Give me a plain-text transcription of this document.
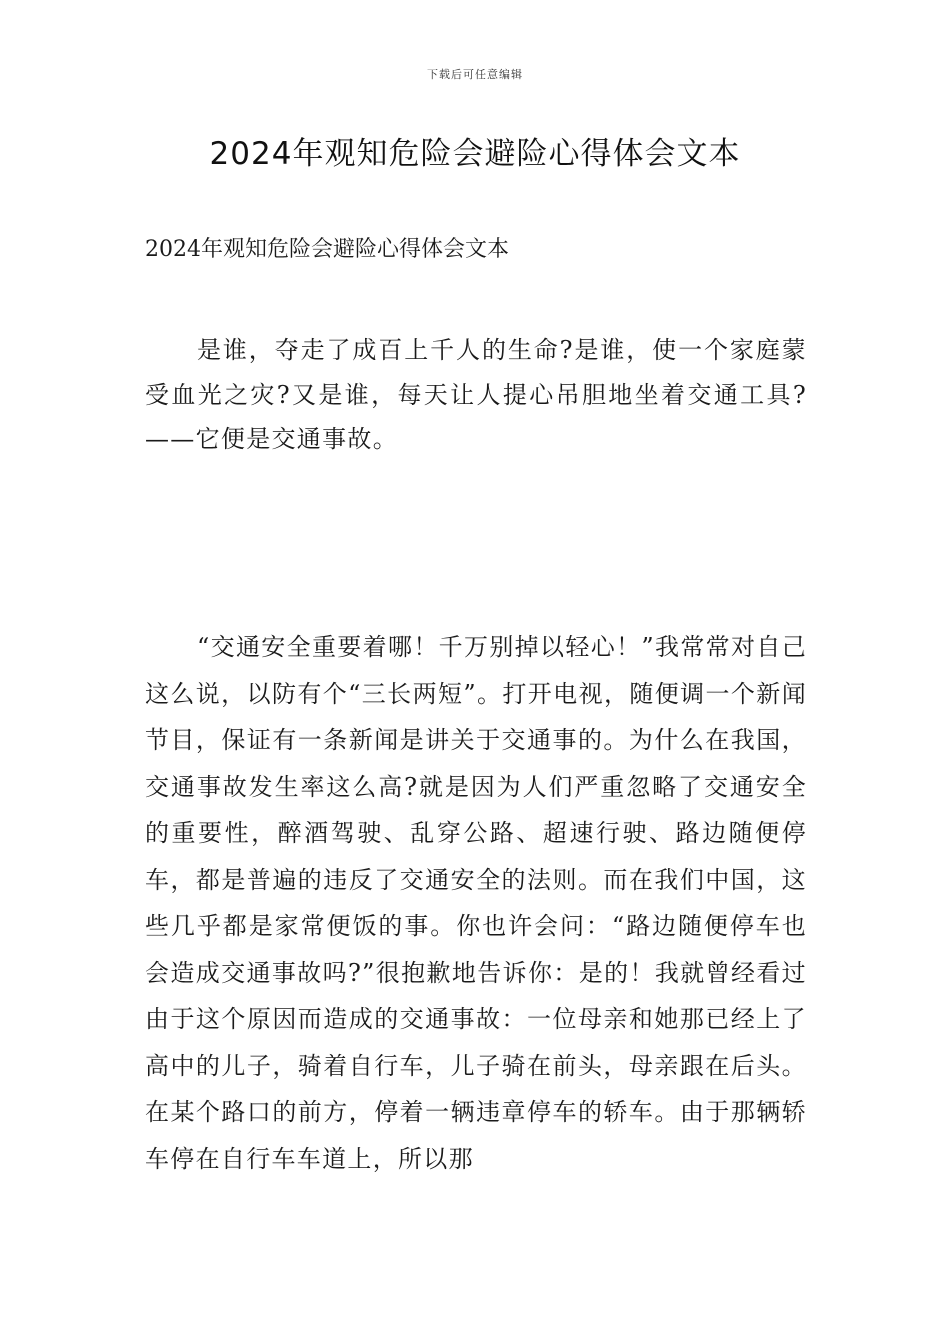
下载后可任意编辑
2024年观知危险会避险心得体会文本

2024年观知危险会避险心得体会文本

是谁，夺走了成百上千人的生命?是谁，使一个家庭蒙受血光之灾?又是谁，每天让人提心吊胆地坐着交通工具?——它便是交通事故。

“交通安全重要着哪！千万别掉以轻心！”我常常对自己这么说，以防有个“三长两短”。打开电视，随便调一个新闻节目，保证有一条新闻是讲关于交通事的。为什么在我国，交通事故发生率这么高?就是因为人们严重忽略了交通安全的重要性，醉酒驾驶、乱穿公路、超速行驶、路边随便停车，都是普遍的违反了交通安全的法则。而在我们中国，这些几乎都是家常便饭的事。你也许会问：“路边随便停车也会造成交通事故吗?”很抱歉地告诉你：是的！我就曾经看过由于这个原因而造成的交通事故：一位母亲和她那已经上了高中的儿子，骑着自行车，儿子骑在前头，母亲跟在后头。在某个路口的前方，停着一辆违章停车的轿车。由于那辆轿车停在自行车车道上，所以那
